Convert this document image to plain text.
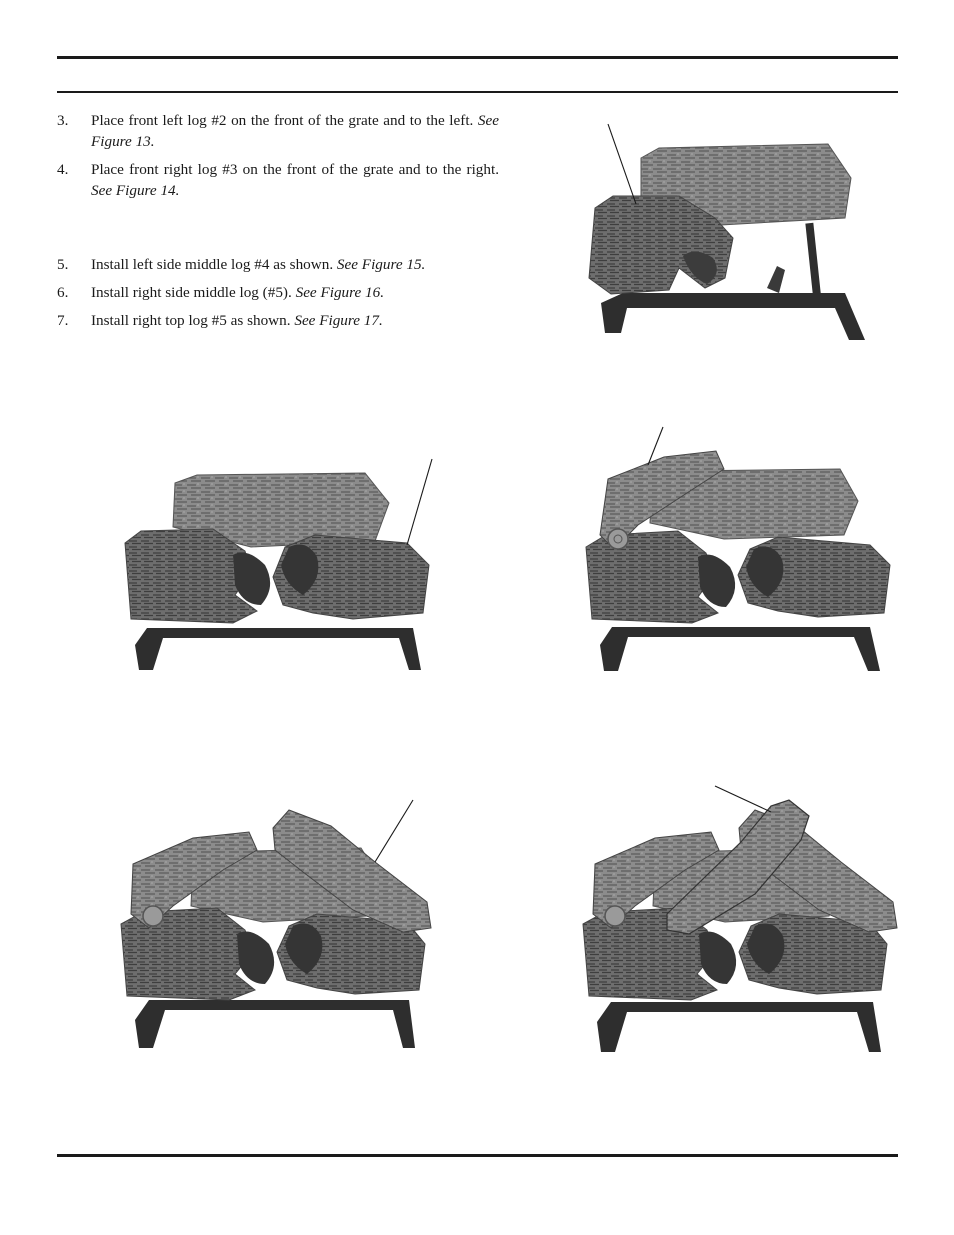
3.	Place front left log #2 on the front of the grate and to the left. See Figure 13.
4.	Place front right log #3 on the front of the grate and to the right. See Figure 14.
5.	Install left side middle log #4 as shown. See Figure 15.
6.	Install right side middle log (#5). See Figure 16.
7.	Install right top log #5 as shown. See Figure 17.
